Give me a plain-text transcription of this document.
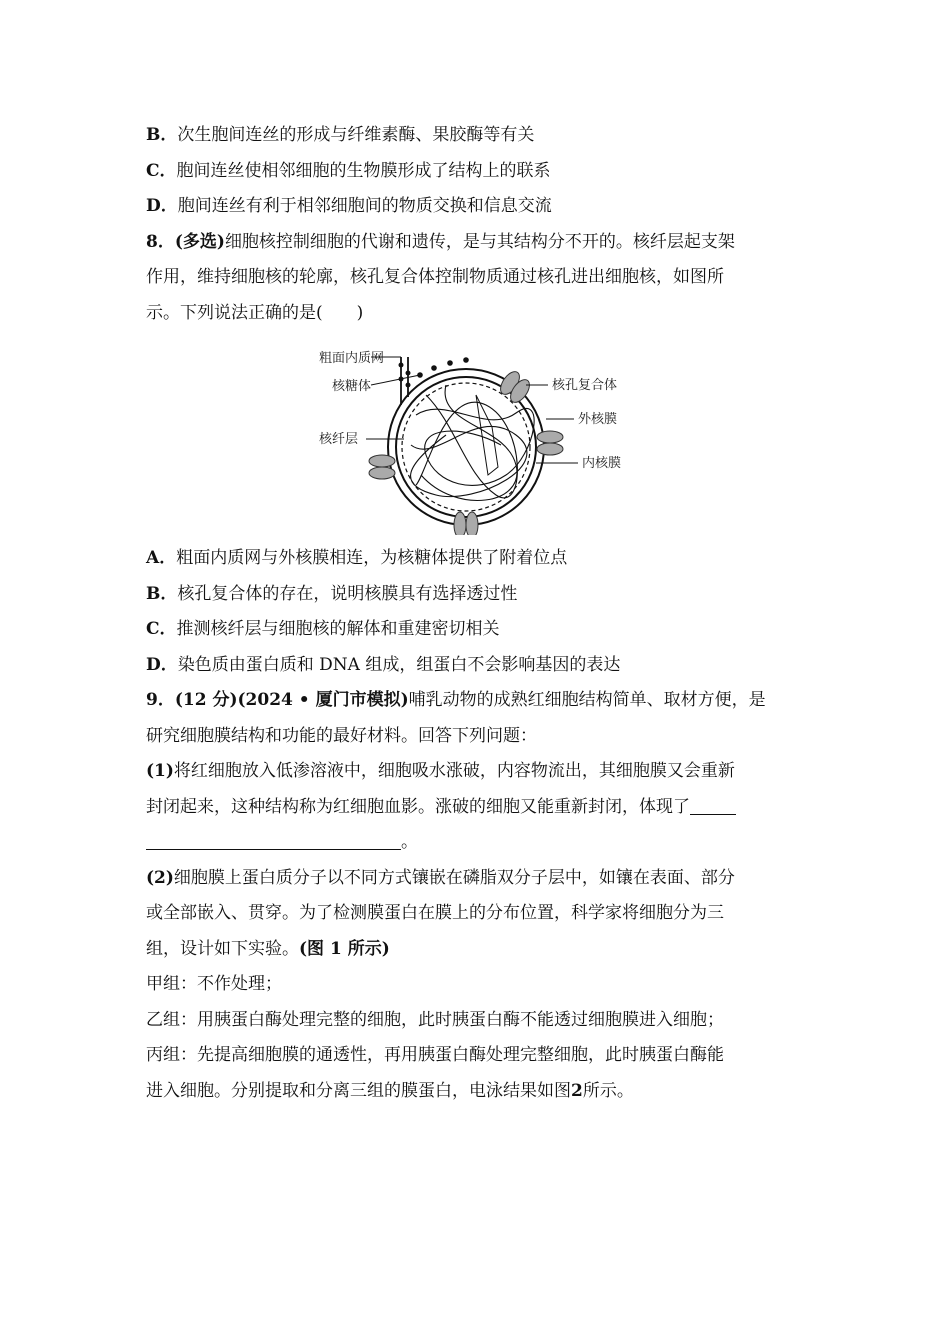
B．次生胞间连丝的形成与纤维素酶、果胶酶等有关

C．胞间连丝使相邻细胞的生物膜形成了结构上的联系

D．胞间连丝有利于相邻细胞间的物质交换和信息交流

8．(多选)细胞核控制细胞的代谢和遗传，是与其结构分不开的。核纤层起支架

作用，维持细胞核的轮廓，核孔复合体控制物质通过核孔进出细胞核，如图所

示。下列说法正确的是(　　)

粗面内质网
核糖体
核纤层
核孔复合体
外核膜
内核膜

A．粗面内质网与外核膜相连，为核糖体提供了附着位点

B．核孔复合体的存在，说明核膜具有选择透过性

C．推测核纤层与细胞核的解体和重建密切相关

D．染色质由蛋白质和 DNA 组成，组蛋白不会影响基因的表达

9．(12 分)(2024 • 厦门市模拟)哺乳动物的成熟红细胞结构简单、取材方便，是

研究细胞膜结构和功能的最好材料。回答下列问题：

(1)将红细胞放入低渗溶液中，细胞吸水涨破，内容物流出，其细胞膜又会重新

封闭起来，这种结构称为红细胞血影。涨破的细胞又能重新封闭，体现了

。

(2)细胞膜上蛋白质分子以不同方式镶嵌在磷脂双分子层中，如镶在表面、部分

或全部嵌入、贯穿。为了检测膜蛋白在膜上的分布位置，科学家将细胞分为三

组，设计如下实验。(图 1 所示)

甲组：不作处理；

乙组：用胰蛋白酶处理完整的细胞，此时胰蛋白酶不能透过细胞膜进入细胞；

丙组：先提高细胞膜的通透性，再用胰蛋白酶处理完整细胞，此时胰蛋白酶能

进入细胞。分别提取和分离三组的膜蛋白，电泳结果如图2所示。
